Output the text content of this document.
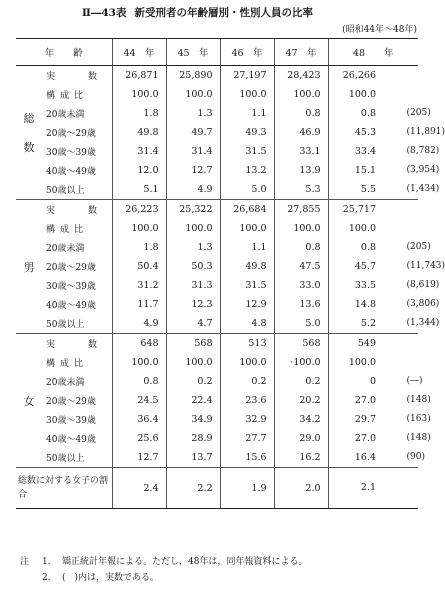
Ⅱ―43表 新受刑者の年齢層別・性別人員の比率
(昭和44年～48年)
年　　齢		44　年	45　年	46　年	47　年	48　　年
総

数	実　　数	26,871	25,890	27,197	28,423	26,266

	構成比	100.0	100.0	100.0	100.0	100.0

	20歳未満	1.8	1.3	1.1	0.8	0.8 (205)

	20歳～29歳	49.8	49.7	49.3	46.9	45.3 (11,891)

	30歳～39歳	31.4	31.4	31.5	33.1	33.4 (8,782)

	40歳～49歳	12.0	12.7	13.2	13.9	15.1 (3,954)

	50歳以上	5.1	4.9	5.0	5.3	5.5 (1,434)

男	実　　数	26,223	25,322	26,684	27,855	25,717

	構成比	100.0	100.0	100.0	100.0	100.0

	20歳未満	1.8	1.3	1.1	0.8	0.8 (205)

	20歳～29歳	50.4	50.3	49.8	47.5	45.7 (11,743)

	30歳～39歳	31.2	31.3	31.5	33.0	33.5 (8,619)

	40歳～49歳	11.7	12.3	12.9	13.6	14.8 (3,806)

	50歳以上	4.9	4.7	4.8	5.0	5.2 (1,344)

女	実　　数	648	568	513	568	549

	構成比	100.0	100.0	100.0	·100.0	100.0

	20歳未満	0.8	0.2	0.2	0.2	0 (―)

	20歳～29歳	24.5	22.4	23.6	20.2	27.0 (148)

	30歳～39歳	36.4	34.9	32.9	34.2	29.7 (163)

	40歳～49歳	25.6	28.9	27.7	29.0	27.0 (148)

	50歳以上	12.7	13.7	15.6	16.2	16.4 (90)

総数に対する女子の割合		2.4	2.2	1.9	2.0	2.1
注	1.	矯正統計年報による。ただし，48年は，同年報資料による。
2.	(　)内は，実数である。
